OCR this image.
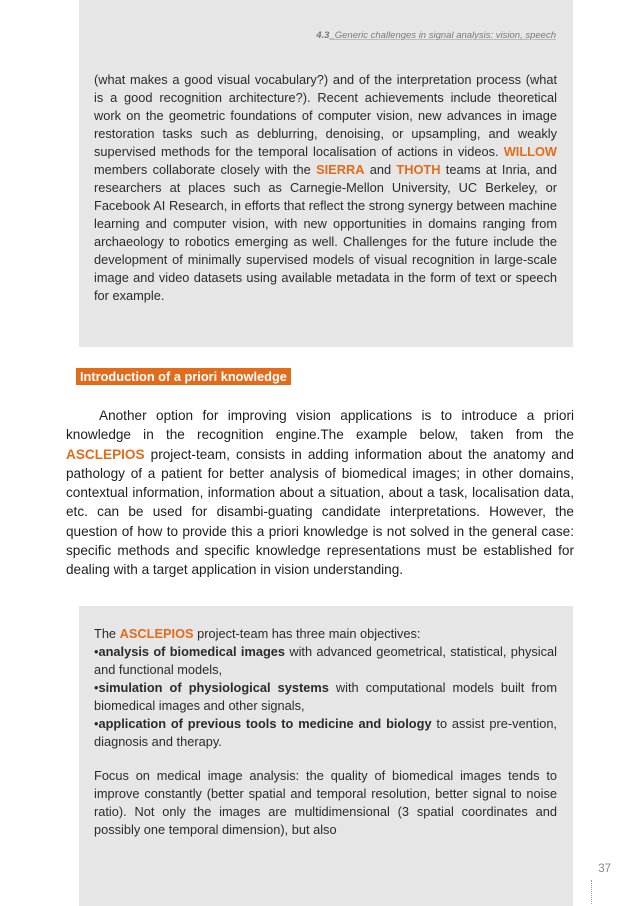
4.3_Generic challenges in signal analysis: vision, speech

(what makes a good visual vocabulary?) and of the interpretation process (what is a good recognition architecture?). Recent achievements include theoretical work on the geometric foundations of computer vision, new advances in image restoration tasks such as deblurring, denoising, or upsampling, and weakly supervised methods for the temporal localisation of actions in videos. WILLOW members collaborate closely with the SIERRA and THOTH teams at Inria, and researchers at places such as Carnegie-Mellon University, UC Berkeley, or Facebook AI Research, in efforts that reflect the strong synergy between machine learning and computer vision, with new opportunities in domains ranging from archaeology to robotics emerging as well. Challenges for the future include the development of minimally supervised models of visual recognition in large-scale image and video datasets using available metadata in the form of text or speech for example.

Introduction of a priori knowledge

Another option for improving vision applications is to introduce a priori knowledge in the recognition engine.The example below, taken from the ASCLEPIOS project-team, consists in adding information about the anatomy and pathology of a patient for better analysis of biomedical images; in other domains, contextual information, information about a situation, about a task, localisation data, etc. can be used for disambi-guating candidate interpretations. However, the question of how to provide this a priori knowledge is not solved in the general case: specific methods and specific knowledge representations must be established for dealing with a target application in vision understanding.

The ASCLEPIOS project-team has three main objectives:
•analysis of biomedical images with advanced geometrical, statistical, physical and functional models,
•simulation of physiological systems with computational models built from biomedical images and other signals,
•application of previous tools to medicine and biology to assist pre-vention, diagnosis and therapy.

Focus on medical image analysis: the quality of biomedical images tends to improve constantly (better spatial and temporal resolution, better signal to noise ratio). Not only the images are multidimensional (3 spatial coordinates and possibly one temporal dimension), but also

37
